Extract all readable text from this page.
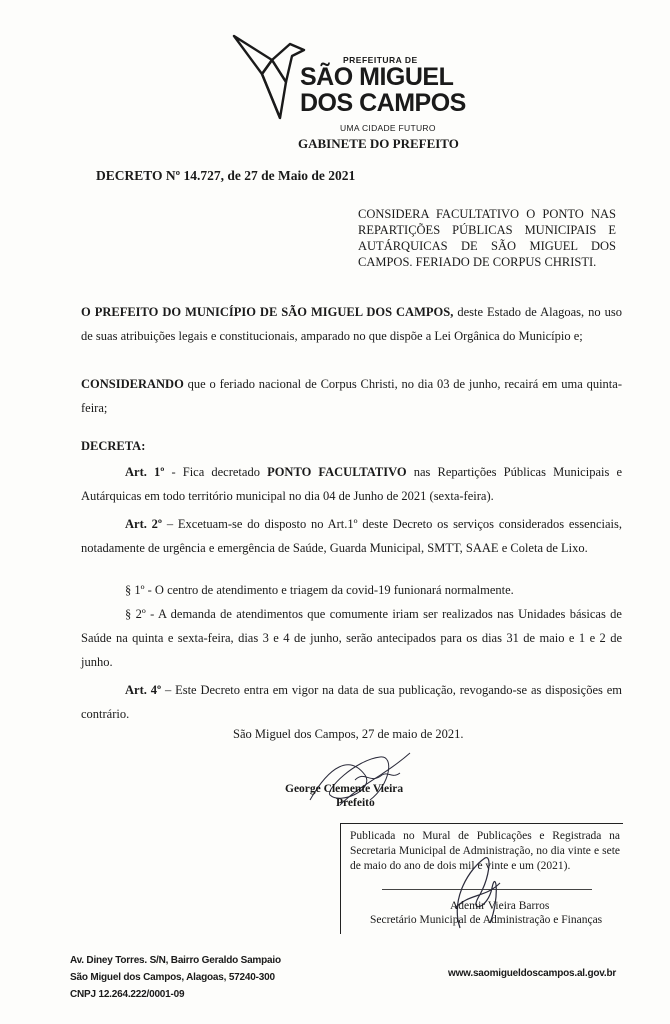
PREFEITURA DE
SÃO MIGUEL
DOS CAMPOS
UMA CIDADE FUTURO
GABINETE DO PREFEITO
DECRETO Nº 14.727, de 27 de Maio de 2021
CONSIDERA FACULTATIVO O PONTO NAS REPARTIÇÕES PÚBLICAS MUNICIPAIS E AUTÁRQUICAS DE SÃO MIGUEL DOS CAMPOS. FERIADO DE CORPUS CHRISTI.
O PREFEITO DO MUNICÍPIO DE SÃO MIGUEL DOS CAMPOS, deste Estado de Alagoas, no uso de suas atribuições legais e constitucionais, amparado no que dispõe a Lei Orgânica do Município e;
CONSIDERANDO que o feriado nacional de Corpus Christi, no dia 03 de junho, recairá em uma quinta-feira;
DECRETA:
Art. 1º - Fica decretado PONTO FACULTATIVO nas Repartições Públicas Municipais e Autárquicas em todo território municipal no dia 04 de Junho de 2021 (sexta-feira).
Art. 2º – Excetuam-se do disposto no Art.1º deste Decreto os serviços considerados essenciais, notadamente de urgência e emergência de Saúde, Guarda Municipal, SMTT, SAAE e Coleta de Lixo.
§ 1º - O centro de atendimento e triagem da covid-19 funionará normalmente.
§ 2º - A demanda de atendimentos que comumente iriam ser realizados nas Unidades básicas de Saúde na quinta e sexta-feira, dias 3 e 4 de junho, serão antecipados para os dias 31 de maio e 1 e 2 de junho.
Art. 4º – Este Decreto entra em vigor na data de sua publicação, revogando-se as disposições em contrário.
São Miguel dos Campos, 27 de maio de 2021.
George Clemente Vieira
Prefeito
Publicada no Mural de Publicações e Registrada na Secretaria Municipal de Administração, no dia vinte e sete de maio do ano de dois mil e vinte e um (2021).
Ademir Vieira Barros
Secretário Municipal de Administração e Finanças
Av. Diney Torres. S/N, Bairro Geraldo Sampaio
São Miguel dos Campos, Alagoas, 57240-300
CNPJ 12.264.222/0001-09
www.saomigueldoscampos.al.gov.br
